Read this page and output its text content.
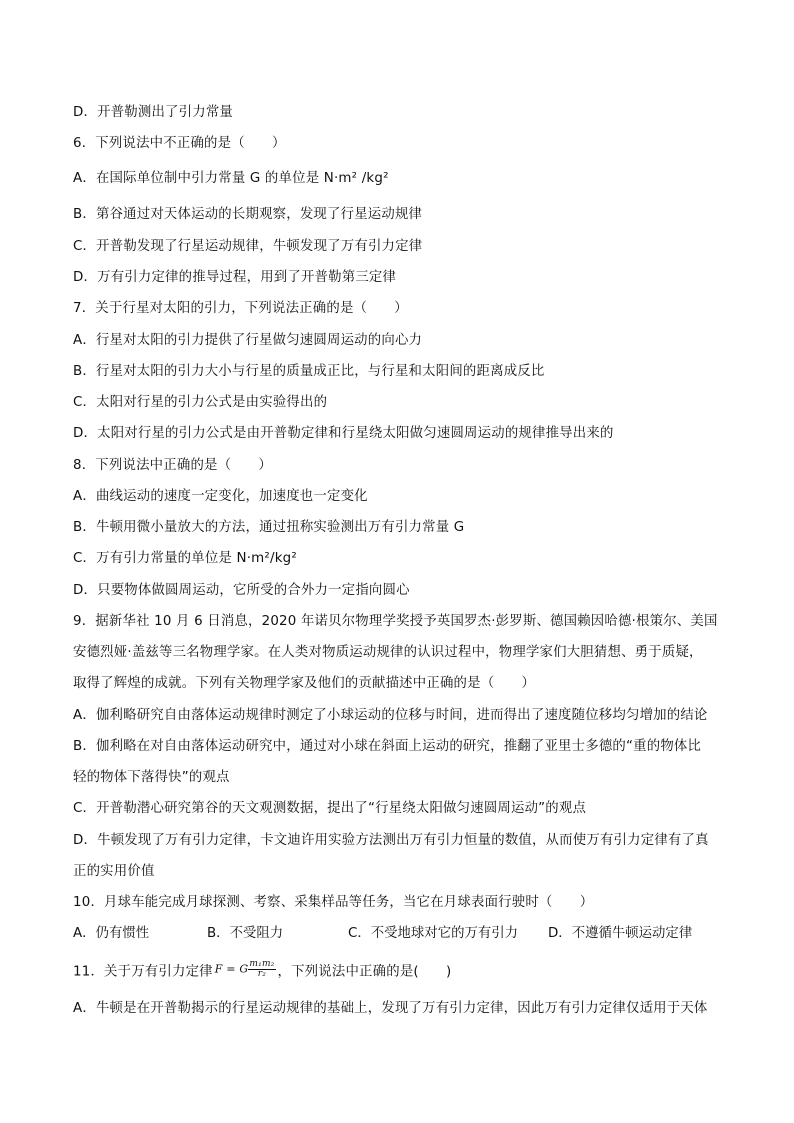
D．开普勒测出了引力常量
6．下列说法中不正确的是（　　）
A．在国际单位制中引力常量 G 的单位是 N·m² /kg²
B．第谷通过对天体运动的长期观察，发现了行星运动规律
C．开普勒发现了行星运动规律，牛顿发现了万有引力定律
D．万有引力定律的推导过程，用到了开普勒第三定律
7．关于行星对太阳的引力，下列说法正确的是（　　）
A．行星对太阳的引力提供了行星做匀速圆周运动的向心力
B．行星对太阳的引力大小与行星的质量成正比，与行星和太阳间的距离成反比
C．太阳对行星的引力公式是由实验得出的
D．太阳对行星的引力公式是由开普勒定律和行星绕太阳做匀速圆周运动的规律推导出来的
8．下列说法中正确的是（　　）
A．曲线运动的速度一定变化，加速度也一定变化
B．牛顿用微小量放大的方法，通过扭称实验测出万有引力常量 G
C．万有引力常量的单位是 N·m²/kg²
D．只要物体做圆周运动，它所受的合外力一定指向圆心
9．据新华社 10 月 6 日消息，2020 年诺贝尔物理学奖授予英国罗杰·彭罗斯、德国赖因哈德·根策尔、美国
安德烈娅·盖兹等三名物理学家。在人类对物质运动规律的认识过程中，物理学家们大胆猜想、勇于质疑，
取得了辉煌的成就。下列有关物理学家及他们的贡献描述中正确的是（　　）
A．伽利略研究自由落体运动规律时测定了小球运动的位移与时间，进而得出了速度随位移均匀增加的结论
B．伽利略在对自由落体运动研究中，通过对小球在斜面上运动的研究，推翻了亚里士多德的“重的物体比
轻的物体下落得快”的观点
C．开普勒潜心研究第谷的天文观测数据，提出了“行星绕太阳做匀速圆周运动”的观点
D．牛顿发现了万有引力定律，卡文迪许用实验方法测出万有引力恒量的数值，从而使万有引力定律有了真
正的实用价值
10．月球车能完成月球探测、考察、采集样品等任务，当它在月球表面行驶时（　　）
A．仍有惯性	B．不受阻力	C．不受地球对它的万有引力 D．不遵循牛顿运动定律
11．关于万有引力定律 F = G $\frac{\text{m₁m₂}}{\text{r₂}}$ ，下列说法中正确的是(　　)
A．牛顿是在开普勒揭示的行星运动规律的基础上，发现了万有引力定律，因此万有引力定律仅适用于天体
